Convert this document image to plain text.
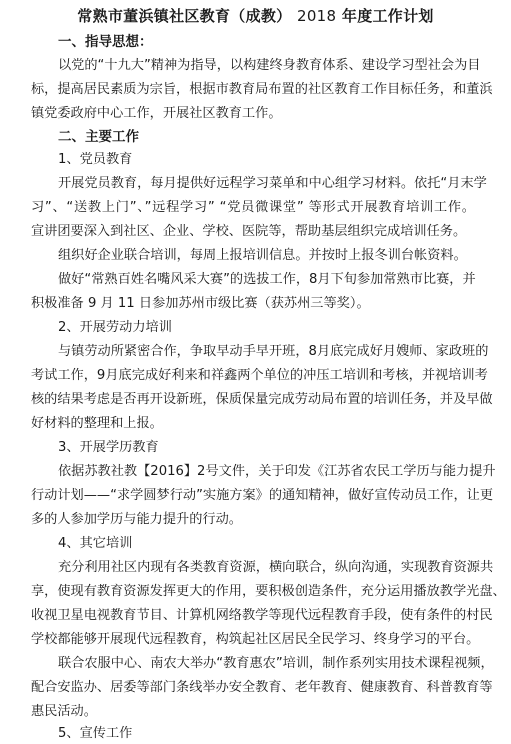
常熟市董浜镇社区教育（成教） 2018 年度工作计划
一、指导思想：
以党的“十九大”精神为指导，以构建终身教育体系、建设学习型社会为目
标，提高居民素质为宗旨，根据市教育局布置的社区教育工作目标任务，和董浜
镇党委政府中心工作，开展社区教育工作。
二、主要工作
1、党员教育
开展党员教育，每月提供好远程学习菜单和中心组学习材料。依托“月末学
习”、“送教上门”、”远程学习” “党员微课堂” 等形式开展教育培训工作。
宣讲团要深入到社区、企业、学校、医院等，帮助基层组织完成培训任务。
组织好企业联合培训，每周上报培训信息。并按时上报冬训台帐资料。
做好“常熟百姓名嘴风采大赛”的选拔工作，8月下旬参加常熟市比赛，并
积极准备 9 月 11 日参加苏州市级比赛（获苏州三等奖）。
2、开展劳动力培训
与镇劳动所紧密合作，争取早动手早开班，8月底完成好月嫂师、家政班的
考试工作，9月底完成好利来和祥鑫两个单位的冲压工培训和考核，并视培训考
核的结果考虑是否再开设新班，保质保量完成劳动局布置的培训任务，并及早做
好材料的整理和上报。
3、开展学历教育
依据苏教社教【2016】2号文件，关于印发《江苏省农民工学历与能力提升
行动计划——“求学圆梦行动”实施方案》的通知精神，做好宣传动员工作，让更
多的人参加学历与能力提升的行动。
4、其它培训
充分利用社区内现有各类教育资源，横向联合，纵向沟通，实现教育资源共
享，使现有教育资源发挥更大的作用，要积极创造条件，充分运用播放教学光盘、
收视卫星电视教育节目、计算机网络教学等现代远程教育手段，使有条件的村民
学校都能够开展现代远程教育，构筑起社区居民全民学习、终身学习的平台。
联合农服中心、南农大举办“教育惠农”培训，制作系列实用技术课程视频，
配合安监办、居委等部门条线举办安全教育、老年教育、健康教育、科普教育等
惠民活动。
5、宣传工作
